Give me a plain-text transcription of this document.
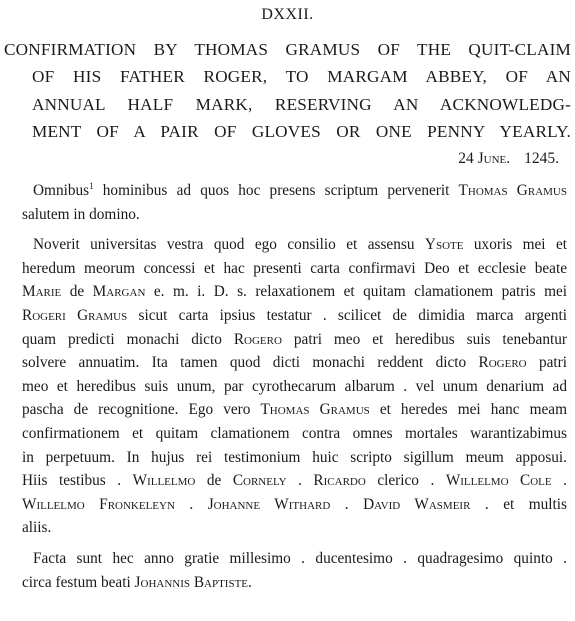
DXXII.
CONFIRMATION BY THOMAS GRAMUS OF THE QUIT-CLAIM
OF HIS FATHER ROGER, TO MARGAM ABBEY, OF AN
ANNUAL HALF MARK, RESERVING AN ACKNOWLEDG-
MENT OF A PAIR OF GLOVES OR ONE PENNY YEARLY.
24 June. 1245.
Omnibus$^1$ hominibus ad quos hoc presens scriptum pervenerit Thomas Gramus
salutem in domino.
Noverit universitas vestra quod ego consilio et assensu Ysote uxoris mei et
heredum meorum concessi et hac presenti carta confirmavi Deo et ecclesie beate
Marie de Margan e. m. i. D. s. relaxationem et quitam clamationem patris mei
Rogeri Gramus sicut carta ipsius testatur . scilicet de dimidia marca argenti
quam predicti monachi dicto Rogero patri meo et heredibus suis tenebantur
solvere annuatim. Ita tamen quod dicti monachi reddent dicto Rogero patri
meo et heredibus suis unum, par cyrothecarum albarum . vel unum denarium ad
pascha de recognitione. Ego vero Thomas Gramus et heredes mei hanc meam
confirmationem et quitam clamationem contra omnes mortales warantizabimus
in perpetuum. In hujus rei testimonium huic scripto sigillum meum apposui.
Hiis testibus . Willelmo de Cornely . Ricardo clerico . Willelmo Cole .
Willelmo Fronkeleyn . Johanne Withard . David Wasmeir . et multis
aliis.
Facta sunt hec anno gratie millesimo . ducentesimo . quadragesimo quinto .
circa festum beati Johannis Baptiste.
